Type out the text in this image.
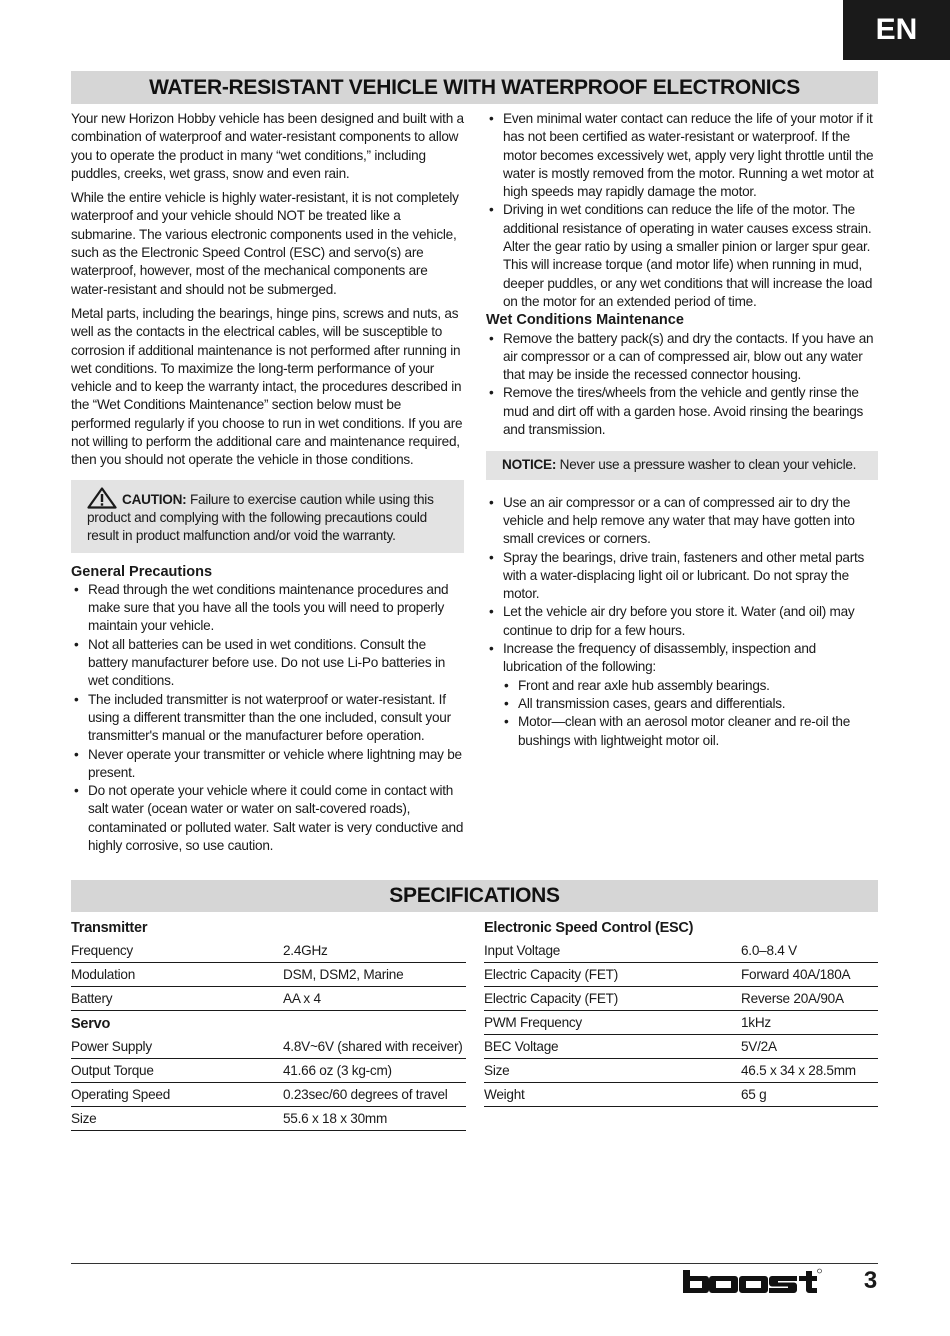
EN
WATER-RESISTANT VEHICLE WITH WATERPROOF ELECTRONICS

Your new Horizon Hobby vehicle has been designed and built with a combination of waterproof and water-resistant components to allow you to operate the product in many “wet conditions,” including puddles, creeks, wet grass, snow and even rain.

While the entire vehicle is highly water-resistant, it is not completely waterproof and your vehicle should NOT be treated like a submarine. The various electronic components used in the vehicle, such as the Electronic Speed Control (ESC) and servo(s) are waterproof, however, most of the mechanical components are water-resistant and should not be submerged.

Metal parts, including the bearings, hinge pins, screws and nuts, as well as the contacts in the electrical cables, will be susceptible to corrosion if additional maintenance is not performed after running in wet conditions. To maximize the long-term performance of your vehicle and to keep the warranty intact, the procedures described in the “Wet Conditions Maintenance” section below must be performed regularly if you choose to run in wet conditions. If you are not willing to perform the additional care and maintenance required, then you should not operate the vehicle in those conditions.

CAUTION: Failure to exercise caution while using this product and complying with the following precautions could result in product malfunction and/or void the warranty.
General Precautions
• Read through the wet conditions maintenance procedures and make sure that you have all the tools you will need to properly maintain your vehicle.
• Not all batteries can be used in wet conditions. Consult the battery manufacturer before use. Do not use Li-Po batteries in wet conditions.
• The included transmitter is not waterproof or water-resistant. If using a different transmitter than the one included, consult your transmitter's manual or the manufacturer before operation.
• Never operate your transmitter or vehicle where lightning may be present.
• Do not operate your vehicle where it could come in contact with salt water (ocean water or water on salt-covered roads), contaminated or polluted water. Salt water is very conductive and highly corrosive, so use caution.
• Even minimal water contact can reduce the life of your motor if it has not been certified as water-resistant or waterproof. If the motor becomes excessively wet, apply very light throttle until the water is mostly removed from the motor. Running a wet motor at high speeds may rapidly damage the motor.
• Driving in wet conditions can reduce the life of the motor. The additional resistance of operating in water causes excess strain. Alter the gear ratio by using a smaller pinion or larger spur gear. This will increase torque (and motor life) when running in mud, deeper puddles, or any wet conditions that will increase the load on the motor for an extended period of time.
Wet Conditions Maintenance
• Remove the battery pack(s) and dry the contacts. If you have an air compressor or a can of compressed air, blow out any water that may be inside the recessed connector housing.
• Remove the tires/wheels from the vehicle and gently rinse the mud and dirt off with a garden hose. Avoid rinsing the bearings and transmission.
NOTICE: Never use a pressure washer to clean your vehicle.
• Use an air compressor or a can of compressed air to dry the vehicle and help remove any water that may have gotten into small crevices or corners.
• Spray the bearings, drive train, fasteners and other metal parts with a water-displacing light oil or lubricant. Do not spray the motor.
• Let the vehicle air dry before you store it. Water (and oil) may continue to drip for a few hours.
• Increase the frequency of disassembly, inspection and lubrication of the following:
• Front and rear axle hub assembly bearings.
• All transmission cases, gears and differentials.
• Motor—clean with an aerosol motor cleaner and re-oil the bushings with lightweight motor oil.
SPECIFICATIONS
Transmitter
Frequency	2.4GHz
Modulation	DSM, DSM2, Marine
Battery	AA x 4
Servo
Power Supply	4.8V~6V (shared with receiver)
Output Torque	41.66 oz (3 kg-cm)
Operating Speed	0.23sec/60 degrees of travel
Size	55.6 x 18 x 30mm
Electronic Speed Control (ESC)
Input Voltage	6.0–8.4 V
Electric Capacity (FET)	Forward 40A/180A
Electric Capacity (FET)	Reverse 20A/90A
PWM Frequency	1kHz
BEC Voltage	5V/2A
Size	46.5 x 34 x 28.5mm
Weight	65 g
3
